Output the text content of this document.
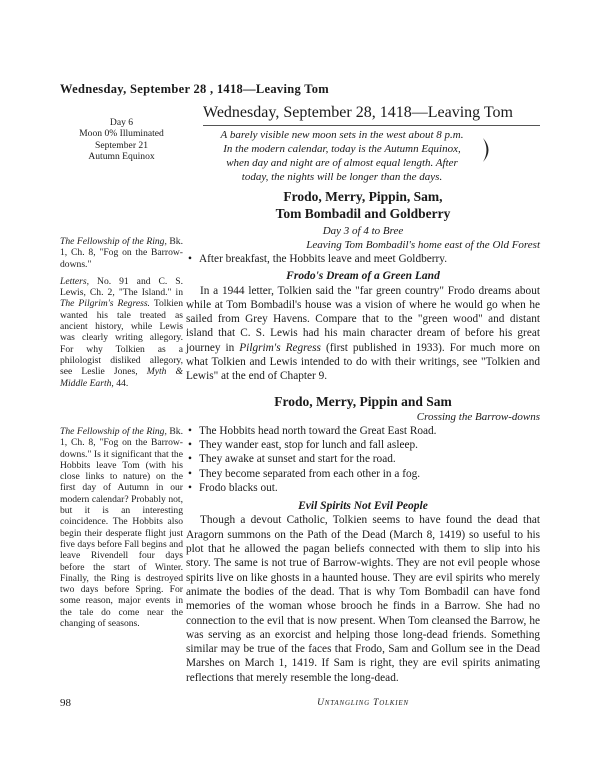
Wednesday, September 28 , 1418—Leaving Tom
Day 6
Moon 0% Illuminated
September 21
Autumn Equinox

The Fellowship of the Ring, Bk. 1, Ch. 8, "Fog on the Barrow-downs."

Letters, No. 91 and C. S. Lewis, Ch. 2, "The Island." in The Pilgrim's Regress. Tolkien wanted his tale treated as ancient history, while Lewis was clearly writing allegory. For why Tolkien as a philologist disliked allegory, see Leslie Jones, Myth & Middle Earth, 44.

The Fellowship of the Ring, Bk. 1, Ch. 8, "Fog on the Barrow-downs." Is it significant that the Hobbits leave Tom (with his close links to nature) on the first day of Autumn in our modern calendar? Probably not, but it is an interesting coincidence. The Hobbits also begin their desperate flight just five days before Fall begins and leave Rivendell four days before the start of Winter. Finally, the Ring is destroyed two days before Spring. For some reason, major events in the tale do come near the changing of seasons.

Wednesday, September 28, 1418—Leaving Tom
A barely visible new moon sets in the west about 8 p.m.
In the modern calendar, today is the Autumn Equinox,
when day and night are of almost equal length. After
today, the nights will be longer than the days.
Frodo, Merry, Pippin, Sam,
Tom Bombadil and Goldberry
Day 3 of 4 to Bree
Leaving Tom Bombadil's home east of the Old Forest
• After breakfast, the Hobbits leave and meet Goldberry.
Frodo's Dream of a Green Land

In a 1944 letter, Tolkien said the "far green country" Frodo dreams about while at Tom Bombadil's house was a vision of where he would go when he sailed from Grey Havens. Compare that to the "green wood" and distant island that C. S. Lewis had his main character dream of before his great journey in Pilgrim's Regress (first published in 1933). For much more on what Tolkien and Lewis intended to do with their writings, see "Tolkien and Lewis" at the end of Chapter 9.

Frodo, Merry, Pippin and Sam
Crossing the Barrow-downs
• The Hobbits head north toward the Great East Road.
• They wander east, stop for lunch and fall asleep.
• They awake at sunset and start for the road.
• They become separated from each other in a fog.
• Frodo blacks out.
Evil Spirits Not Evil People

Though a devout Catholic, Tolkien seems to have found the dead that Aragorn summons on the Path of the Dead (March 8, 1419) so useful to his plot that he allowed the pagan beliefs connected with them to slip into his story. The same is not true of Barrow-wights. They are not evil people whose spirits live on like ghosts in a haunted house. They are evil spirits who merely animate the bodies of the dead. That is why Tom Bombadil can have fond memories of the woman whose brooch he finds in a Barrow. She had no connection to the evil that is now present. When Tom cleansed the Barrow, he was serving as an exorcist and helping those long-dead friends. Something similar may be true of the faces that Frodo, Sam and Gollum see in the Dead Marshes on March 1, 1419. If Sam is right, they are evil spirits animating reflections that merely resemble the long-dead.

98	Untangling Tolkien
